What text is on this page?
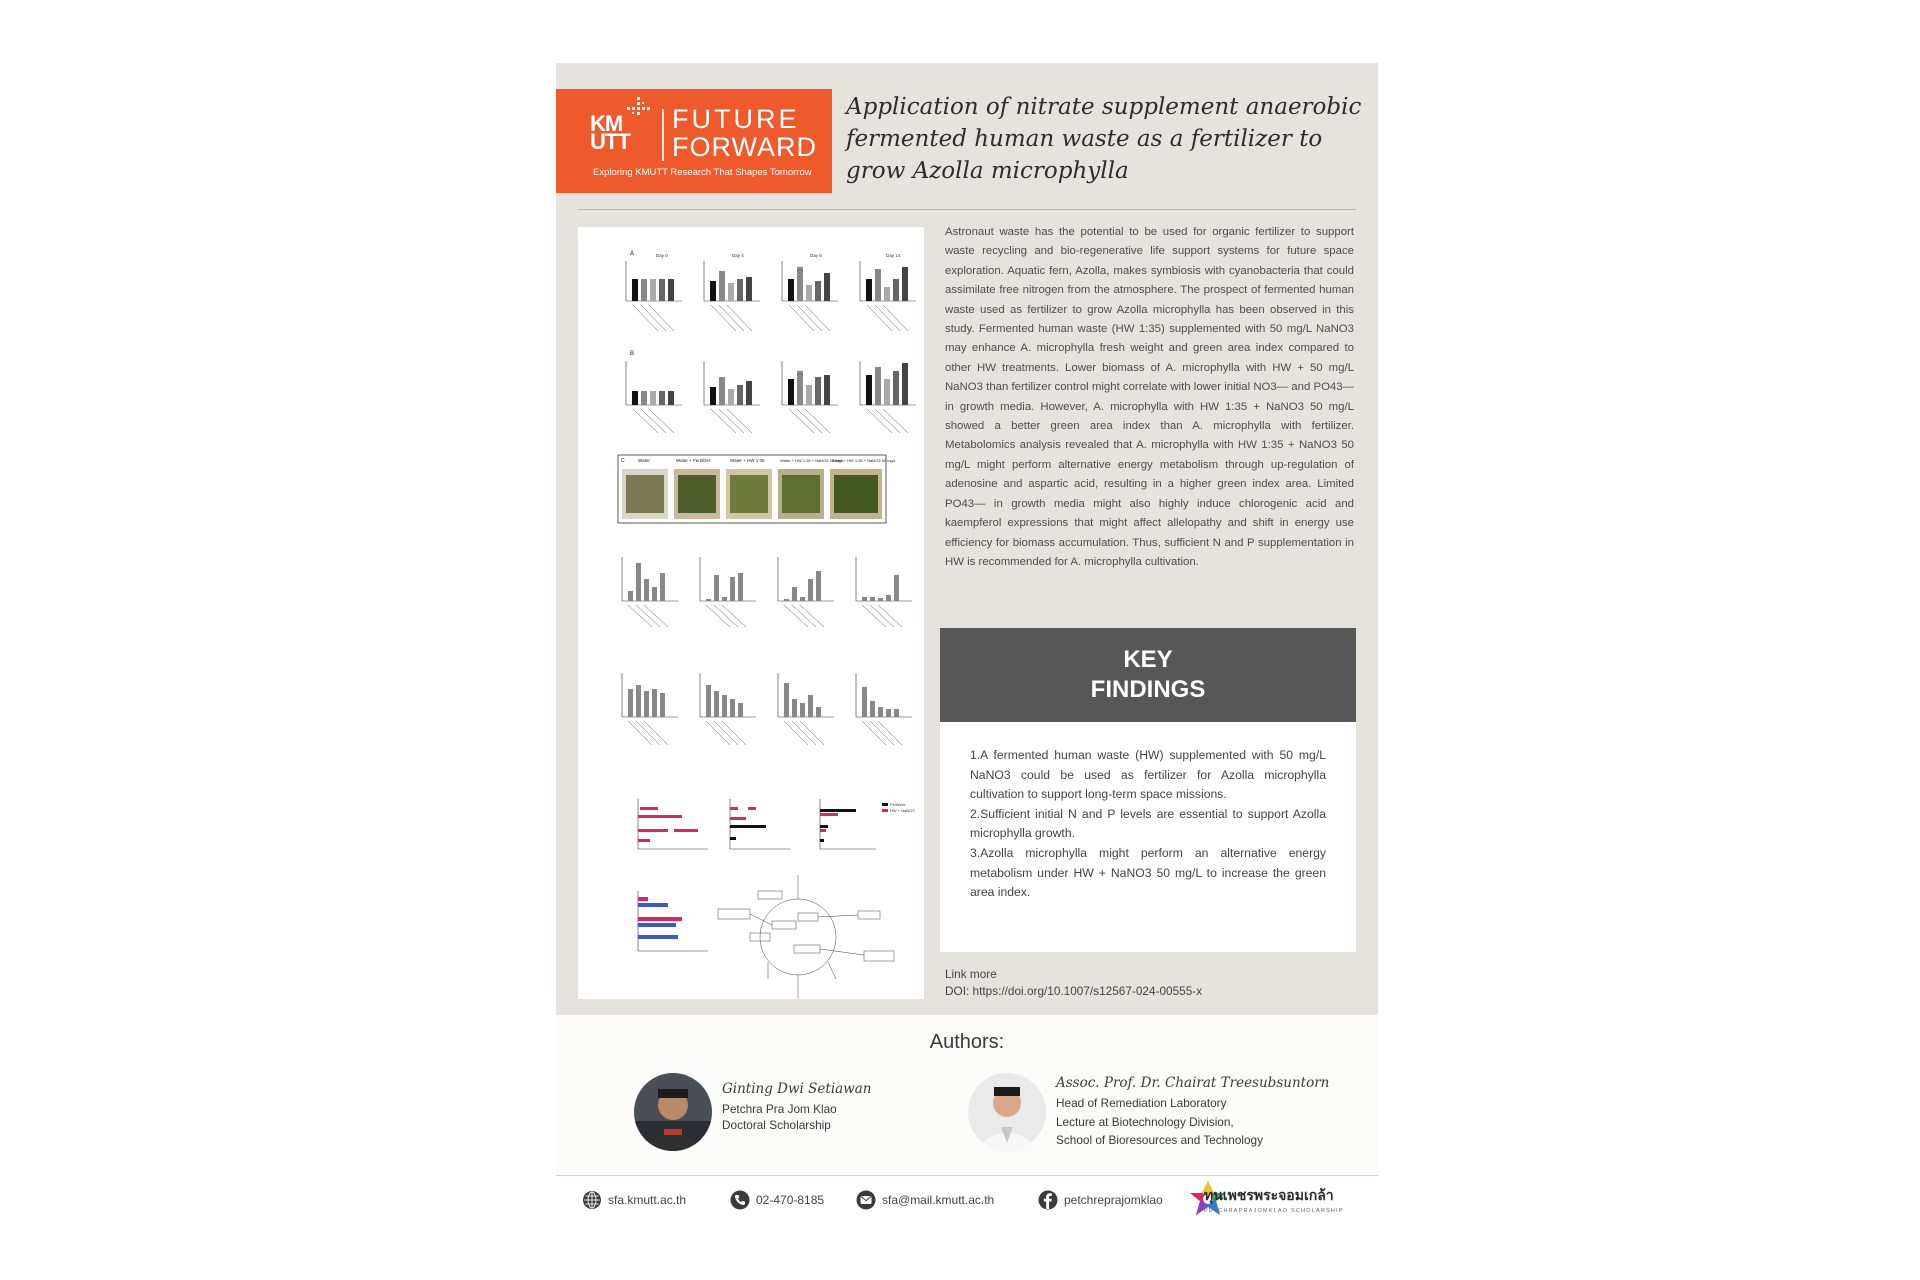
KM
UTT
FUTURE
FORWARD
Exploring KMUTT Research That Shapes Tomorrow
Application of nitrate supplement anaerobic fermented human waste as a fertilizer to grow Azolla microphylla
A	Day 0	Day 4	Day 8	Day 14
B
C	Water	Water + Fertilizer	Water + HW 1:35	Water + HW 1:35 + NaNO3 25 mg/L
Water + HW 1:35 + NaNO3 50 mg/L
Fertilizer
HW + NaNO3
Astronaut waste has the potential to be used for organic fertilizer to support waste recycling and bio-regenerative life support systems for future space exploration. Aquatic fern, Azolla, makes symbiosis with cyanobacteria that could assimilate free nitrogen from the atmosphere. The prospect of fermented human waste used as fertilizer to grow Azolla microphylla has been observed in this study. Fermented human waste (HW 1:35) supplemented with 50 mg/L NaNO3 may enhance A. microphylla fresh weight and green area index compared to other HW treatments. Lower biomass of A. microphylla with HW + 50 mg/L NaNO3 than fertilizer control might correlate with lower initial NO3— and PO43— in growth media. However, A. microphylla with HW 1:35 + NaNO3 50 mg/L showed a better green area index than A. microphylla with fertilizer. Metabolomics analysis revealed that A. microphylla with HW 1:35 + NaNO3 50 mg/L might perform alternative energy metabolism through up-regulation of adenosine and aspartic acid, resulting in a higher green index area. Limited PO43— in growth media might also highly induce chlorogenic acid and kaempferol expressions that might affect allelopathy and shift in energy use efficiency for biomass accumulation. Thus, sufficient N and P supplementation in HW is recommended for A. microphylla cultivation.
KEY
FINDINGS

1.A fermented human waste (HW) supplemented with 50 mg/L NaNO3 could be used as fertilizer for Azolla microphylla cultivation to support long-term space missions.

2.Sufficient initial N and P levels are essential to support Azolla microphylla growth.

3.Azolla microphylla might perform an alternative energy metabolism under HW + NaNO3 50 mg/L to increase the green area index.

Link more
DOI: https://doi.org/10.1007/s12567-024-00555-x
Authors:
Ginting Dwi Setiawan
Petchra Pra Jom Klao
Doctoral Scholarship
Assoc. Prof. Dr. Chairat Treesubsuntorn
Head of Remediation Laboratory
Lecture at Biotechnology Division,
School of Bioresources and Technology
sfa.kmutt.ac.th	02-470-8185	sfa@mail.kmutt.ac.th	petchreprajomklao	ทุนเพชรพระจอมเกล้า
PETCHRAPRAJOMKLAO SCHOLARSHIP
